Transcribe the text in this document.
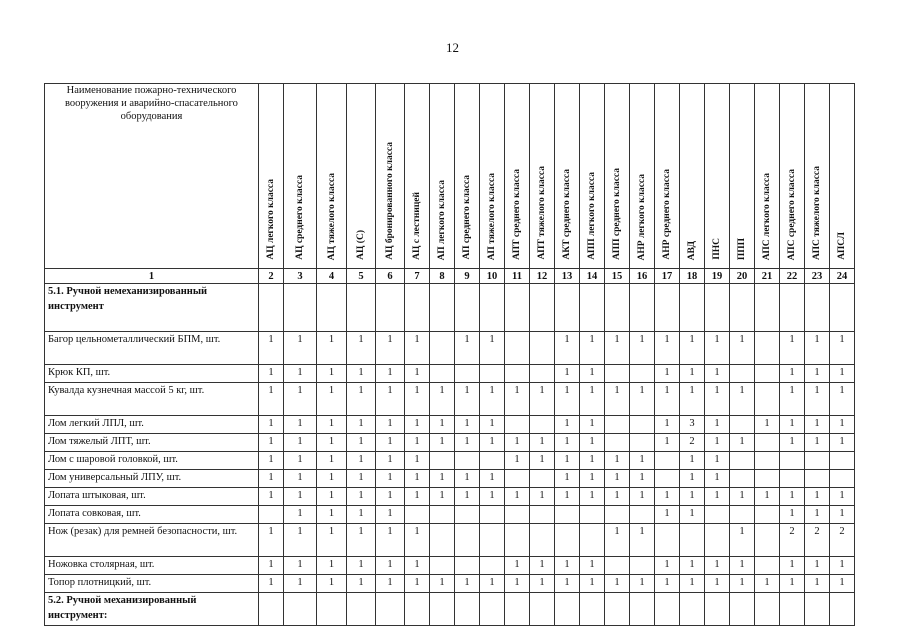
12
Наименование пожарно-технического вооружения и аварийно-спасательного оборудования	АЦ легкого класса	АЦ среднего класса	АЦ тяжелого класса	АЦ (С)	АЦ бронированного класса	АЦ с лестницей	АП легкого класса	АП среднего класса	АП тяжелого класса	АПТ среднего класса	АПТ тяжелого класса	АКТ среднего класса	АПП легкого класса	АПП среднего класса	АНР легкого класса	АНР среднего класса	АВД	ПНС	ППП	АПС легкого класса	АПС среднего класса	АПС тяжелого класса	АПСЛ

1	2	3	4	5	6	7	8	9	10	11	12	13	14	15	16	17	18	19	20	21	22	23	24
5.1. Ручной немеханизированный инструмент																							
Багор цельнометаллический БПМ, шт.	1	1	1	1	1	1		1	1			1	1	1	1	1	1	1	1		1	1	1
Крюк КП, шт.	1	1	1	1	1	1						1	1			1	1	1			1	1	1
Кувалда кузнечная массой 5 кг, шт.	1	1	1	1	1	1	1	1	1	1	1	1	1	1	1	1	1	1	1		1	1	1
Лом легкий ЛПЛ, шт.	1	1	1	1	1	1	1	1	1			1	1			1	3	1		1	1	1	1
Лом тяжелый ЛПТ, шт.	1	1	1	1	1	1	1	1	1	1	1	1	1			1	2	1	1		1	1	1
Лом с шаровой головкой, шт.	1	1	1	1	1	1				1	1	1	1	1	1		1	1					
Лом универсальный ЛПУ, шт.	1	1	1	1	1	1	1	1	1			1	1	1	1		1	1					
Лопата штыковая, шт.	1	1	1	1	1	1	1	1	1	1	1	1	1	1	1	1	1	1	1	1	1	1	1
Лопата совковая, шт.		1	1	1	1											1	1				1	1	1
Нож (резак) для ремней безопасности, шт.	1	1	1	1	1	1								1	1				1		2	2	2
Ножовка столярная, шт.	1	1	1	1	1	1				1	1	1	1			1	1	1	1		1	1	1
Топор плотницкий, шт.	1	1	1	1	1	1	1	1	1	1	1	1	1	1	1	1	1	1	1	1	1	1	1
5.2. Ручной механизированный инструмент:																							
